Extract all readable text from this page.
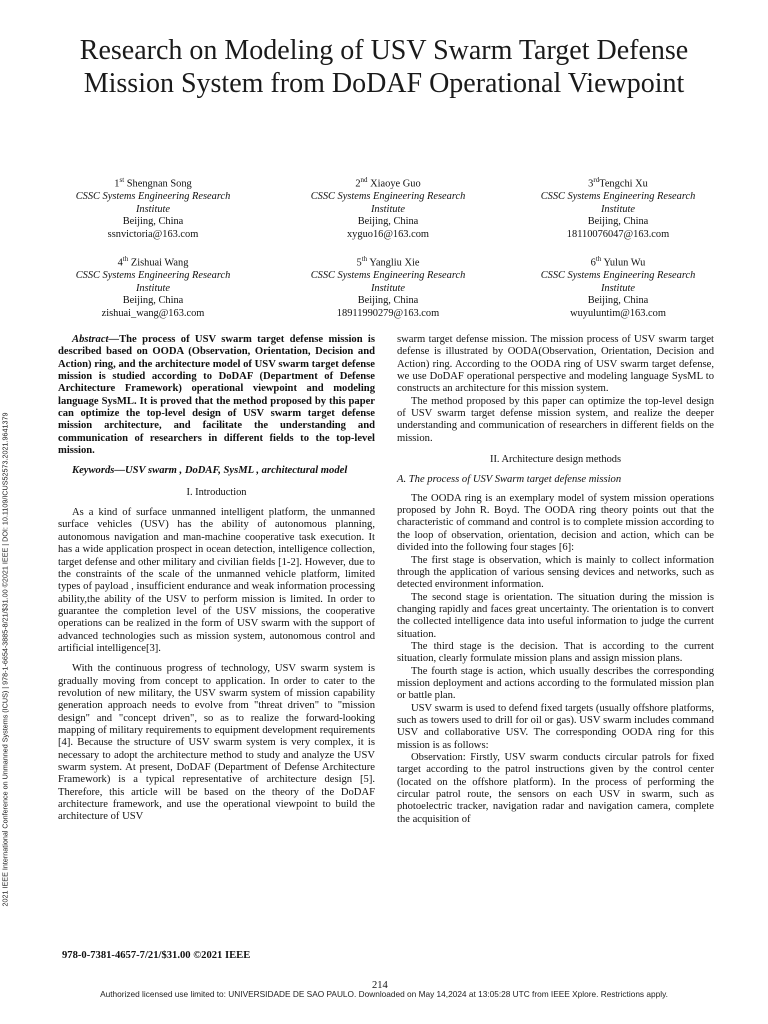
Research on Modeling of USV Swarm Target Defense Mission System from DoDAF Operational Viewpoint
1st Shengnan Song
CSSC Systems Engineering Research
Institute
Beijing, China
ssnvictoria@163.com
2nd Xiaoye Guo
CSSC Systems Engineering Research
Institute
Beijing, China
xyguo16@163.com
3rdTengchi Xu
CSSC Systems Engineering Research
Institute
Beijing, China
18110076047@163.com
4th Zishuai Wang
CSSC Systems Engineering Research
Institute
Beijing, China
zishuai_wang@163.com
5th Yangliu Xie
CSSC Systems Engineering Research
Institute
Beijing, China
18911990279@163.com
6th Yulun Wu
CSSC Systems Engineering Research
Institute
Beijing, China
wuyuluntim@163.com
2021 IEEE International Conference on Unmanned Systems (ICUS) | 978-1-6654-3885-8/21/$31.00 ©2021 IEEE | DOI: 10.1109/ICUS52573.2021.9641379

Abstract—The process of USV swarm target defense mission is described based on OODA (Observation, Orientation, Decision and Action) ring, and the architecture model of USV swarm target defense mission is studied according to DoDAF (Department of Defense Architecture Framework) operational viewpoint and modeling language SysML. It is proved that the method proposed by this paper can optimize the top-level design of USV swarm target defense mission architecture, and facilitate the understanding and communication of researchers in different fields to the top-level mission.

Keywords—USV swarm , DoDAF, SysML , architectural model

I. Introduction

As a kind of surface unmanned intelligent platform, the unmanned surface vehicles (USV) has the ability of autonomous planning, autonomous navigation and man-machine cooperative task execution. It has a wide application prospect in ocean detection, intelligence collection, target defense and other military and civilian fields [1-2]. However, due to the constraints of the scale of the unmanned vehicle platform, limited types of payload , insufficient endurance and weak information processing ability,the ability of the USV to perform mission is limited. In order to guarantee the completion level of the USV missions, the cooperative operations can be realized in the form of USV swarm with the support of advanced technologies such as mission system, autonomous control and artificial intelligence[3].

With the continuous progress of technology, USV swarm system is gradually moving from concept to application. In order to cater to the revolution of new military, the USV swarm system of mission capability generation approach needs to evolve from "threat driven" to "mission design" and "concept driven", so as to realize the forward-looking mapping of military requirements to equipment development requirements [4]. Because the structure of USV swarm system is very complex, it is necessary to adopt the architecture method to study and analyze the USV swarm system. At present, DoDAF (Department of Defense Architecture Framework) is a typical representative of architecture design [5]. Therefore, this article will be based on the theory of the DoDAF architecture framework, and use the operational viewpoint to build the architecture of USV

swarm target defense mission. The mission process of USV swarm target defense is illustrated by OODA(Observation, Orientation, Decision and Action) ring. According to the OODA ring of USV swarm target defense, we use DoDAF operational perspective and modeling language SysML to constructs an architecture for this mission system.

The method proposed by this paper can optimize the top-level design of USV swarm target defense mission system, and realize the deeper understanding and communication of researchers in different fields on the mission.

II. Architecture design methods
A. The process of USV Swarm target defense mission

The OODA ring is an exemplary model of system mission operations proposed by John R. Boyd. The OODA ring theory points out that the characteristic of command and control is to complete mission according to the loop of observation, orientation, decision and action, which can be divided into the following four stages [6]:

The first stage is observation, which is mainly to collect information through the application of various sensing devices and networks, such as detected environment information.

The second stage is orientation. The situation during the mission is changing rapidly and faces great uncertainty. The orientation is to convert the collected intelligence data into useful information to judge the current situation.

The third stage is the decision. That is according to the current situation, clearly formulate mission plans and assign mission plans.

The fourth stage is action, which usually describes the corresponding mission deployment and actions according to the formulated mission plan or battle plan.

USV swarm is used to defend fixed targets (usually offshore platforms, such as towers used to drill for oil or gas). USV swarm includes command USV and collaborative USV. The corresponding OODA ring for this mission is as follows:

Observation: Firstly, USV swarm conducts circular patrols for fixed target according to the patrol instructions given by the control center (located on the offshore platform). In the process of performing the circular patrol route, the sensors on each USV in swarm, such as photoelectric tracker, navigation radar and navigation camera, complete the acquisition of

978-0-7381-4657-7/21/$31.00 ©2021 IEEE
214
Authorized licensed use limited to: UNIVERSIDADE DE SAO PAULO. Downloaded on May 14,2024 at 13:05:28 UTC from IEEE Xplore. Restrictions apply.
